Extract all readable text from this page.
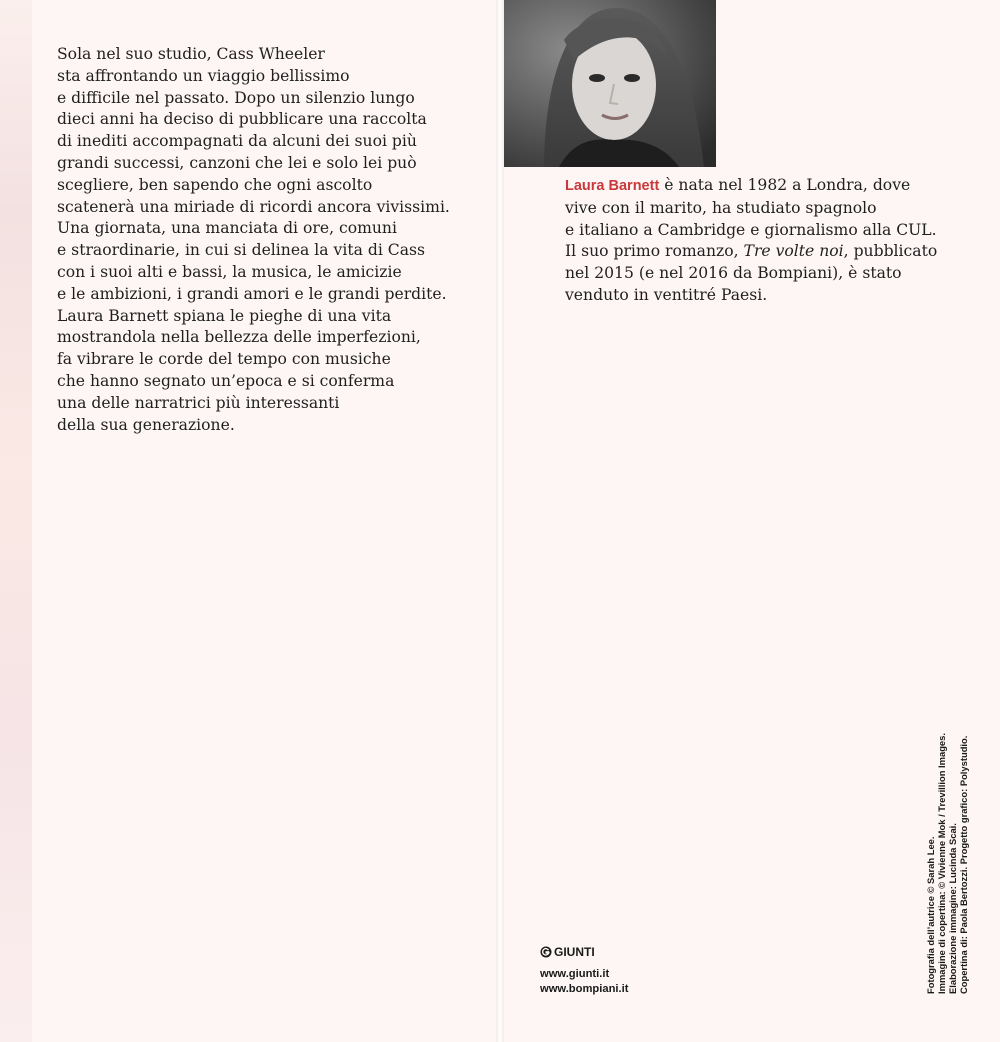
Sola nel suo studio, Cass Wheeler
sta affrontando un viaggio bellissimo
e difficile nel passato. Dopo un silenzio lungo
dieci anni ha deciso di pubblicare una raccolta
di inediti accompagnati da alcuni dei suoi più
grandi successi, canzoni che lei e solo lei può
scegliere, ben sapendo che ogni ascolto
scatenerà una miriade di ricordi ancora vivissimi.
Una giornata, una manciata di ore, comuni
e straordinarie, in cui si delinea la vita di Cass
con i suoi alti e bassi, la musica, le amicizie
e le ambizioni, i grandi amori e le grandi perdite.
Laura Barnett spiana le pieghe di una vita
mostrandola nella bellezza delle imperfezioni,
fa vibrare le corde del tempo con musiche
che hanno segnato un’epoca e si conferma
una delle narratrici più interessanti
della sua generazione.
Laura Barnett è nata nel 1982 a Londra, dove
vive con il marito, ha studiato spagnolo
e italiano a Cambridge e giornalismo alla CUL.
Il suo primo romanzo, Tre volte noi, pubblicato
nel 2015 (e nel 2016 da Bompiani), è stato
venduto in ventitré Paesi.
GIUNTI
www.giunti.it
www.bompiani.it	Fotografia dell’autrice © Sarah Lee. Immagine di copertina: © Vivienne Mok / Trevillion Images. Elaborazione immagine: Lucinda Scai. Copertina di: Paola Bertozzi. Progetto grafico: Polystudio.
